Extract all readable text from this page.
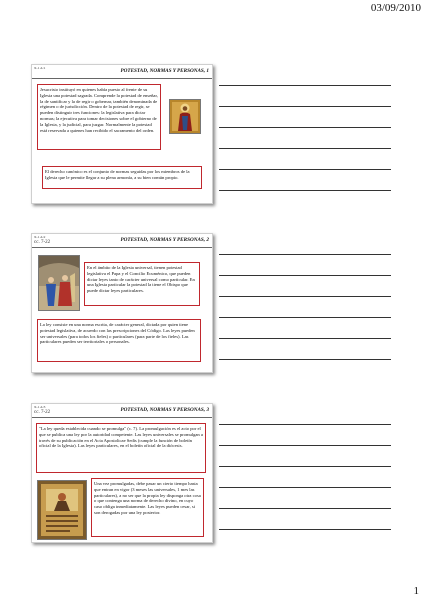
03/09/2010
X-1 A:1	POTESTAD, NORMAS Y PERSONAS, 1
Jesucristo instituyó en quienes había puesto al frente de su Iglesia una potestad sagrada. Comprende la potestad de enseñar, la de santificar y la de regir o gobernar, también denominada de régimen o de jurisdicción. Dentro de la potestad de regir, se pueden distinguir tres funciones: la legislativa para dictar normas; la ejecutiva para tomar decisiones sobre el gobierno de la Iglesia, y la judicial, para juzgar. Normalmente la potestad está reservada a quienes han recibido el sacramento del orden.
El derecho canónico es el conjunto de normas seguidas por los miembros de la Iglesia que le permite llegar a su plena armonía, a su bien común propio.
X-1 A:2
cc. 7-22	POTESTAD, NORMAS Y PERSONAS, 2
En el ámbito de la Iglesia universal, tienen potestad legislativa el Papa y el Concilio Ecuménico, que pueden dictar leyes tanto de carácter universal como particular. En una Iglesia particular la potestad la tiene el Obispo que puede dictar leyes particulares.
La ley consiste en una norma escrita, de carácter general, dictada por quien tiene potestad legislativa, de acuerdo con las prescripciones del Código. Las leyes pueden ser universales (para todos los fieles) o particulares (para parte de los fieles). Las particulares pueden ser territoriales o personales.
X-1 A:3
cc. 7-22	POTESTAD, NORMAS Y PERSONAS, 3
"La ley queda establecida cuando se promulga" (c. 7). La promulgación es el acto por el que se publica una ley por la autoridad competente. Las leyes universales se promulgan a través de su publicación en el Acta Apostolicae Sedis (cumple la función de boletín oficial de la Iglesia). Las leyes particulares, en el boletín oficial de la diócesis.
Una vez promulgadas, debe pasar un cierto tiempo hasta que entran en vigor (3 meses las universales, 1 mes las particulares), a no ser que la propia ley disponga otra cosa o que contenga una norma de derecho divino, en cuyo caso obliga inmediatamente. Las leyes pueden cesar, si son derogadas por una ley posterior.
1
